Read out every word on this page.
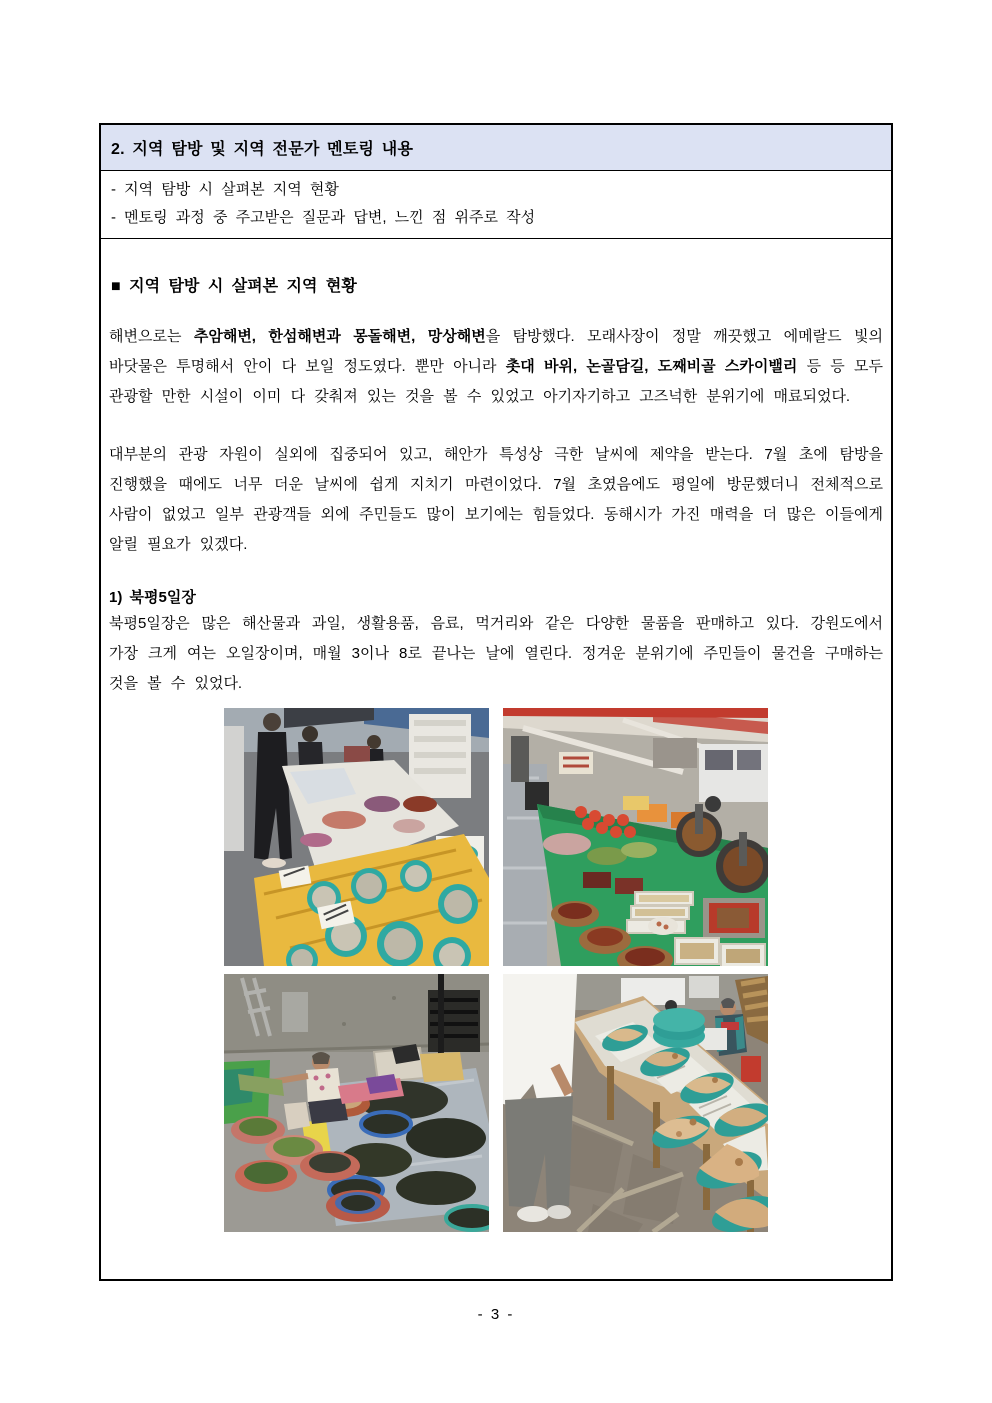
2. 지역 탐방 및 지역 전문가 멘토링 내용
- 지역 탐방 시 살펴본 지역 현황
- 멘토링 과정 중 주고받은 질문과 답변, 느낀 점 위주로 작성
■ 지역 탐방 시 살펴본 지역 현황

해변으로는 추암해변, 한섬해변과 몽돌해변, 망상해변을 탐방했다. 모래사장이 정말 깨끗했고 에메랄드 빛의 바닷물은 투명해서 안이 다 보일 정도였다. 뿐만 아니라 촛대 바위, 논골담길, 도째비골 스카이밸리 등 등 모두 관광할 만한 시설이 이미 다 갖춰져 있는 것을 볼 수 있었고 아기자기하고 고즈넉한 분위기에 매료되었다.

대부분의 관광 자원이 실외에 집중되어 있고, 해안가 특성상 극한 날씨에 제약을 받는다. 7월 초에 탐방을 진행했을 때에도 너무 더운 날씨에 쉽게 지치기 마련이었다. 7월 초였음에도 평일에 방문했더니 전체적으로 사람이 없었고 일부 관광객들 외에 주민들도 많이 보기에는 힘들었다. 동해시가 가진 매력을 더 많은 이들에게 알릴 필요가 있겠다.

1) 북평5일장

북평5일장은 많은 해산물과 과일, 생활용품, 음료, 먹거리와 같은 다양한 물품을 판매하고 있다. 강원도에서 가장 크게 여는 오일장이며, 매월 3이나 8로 끝나는 날에 열린다. 정겨운 분위기에 주민들이 물건을 구매하는 것을 볼 수 있었다.

- 3 -
